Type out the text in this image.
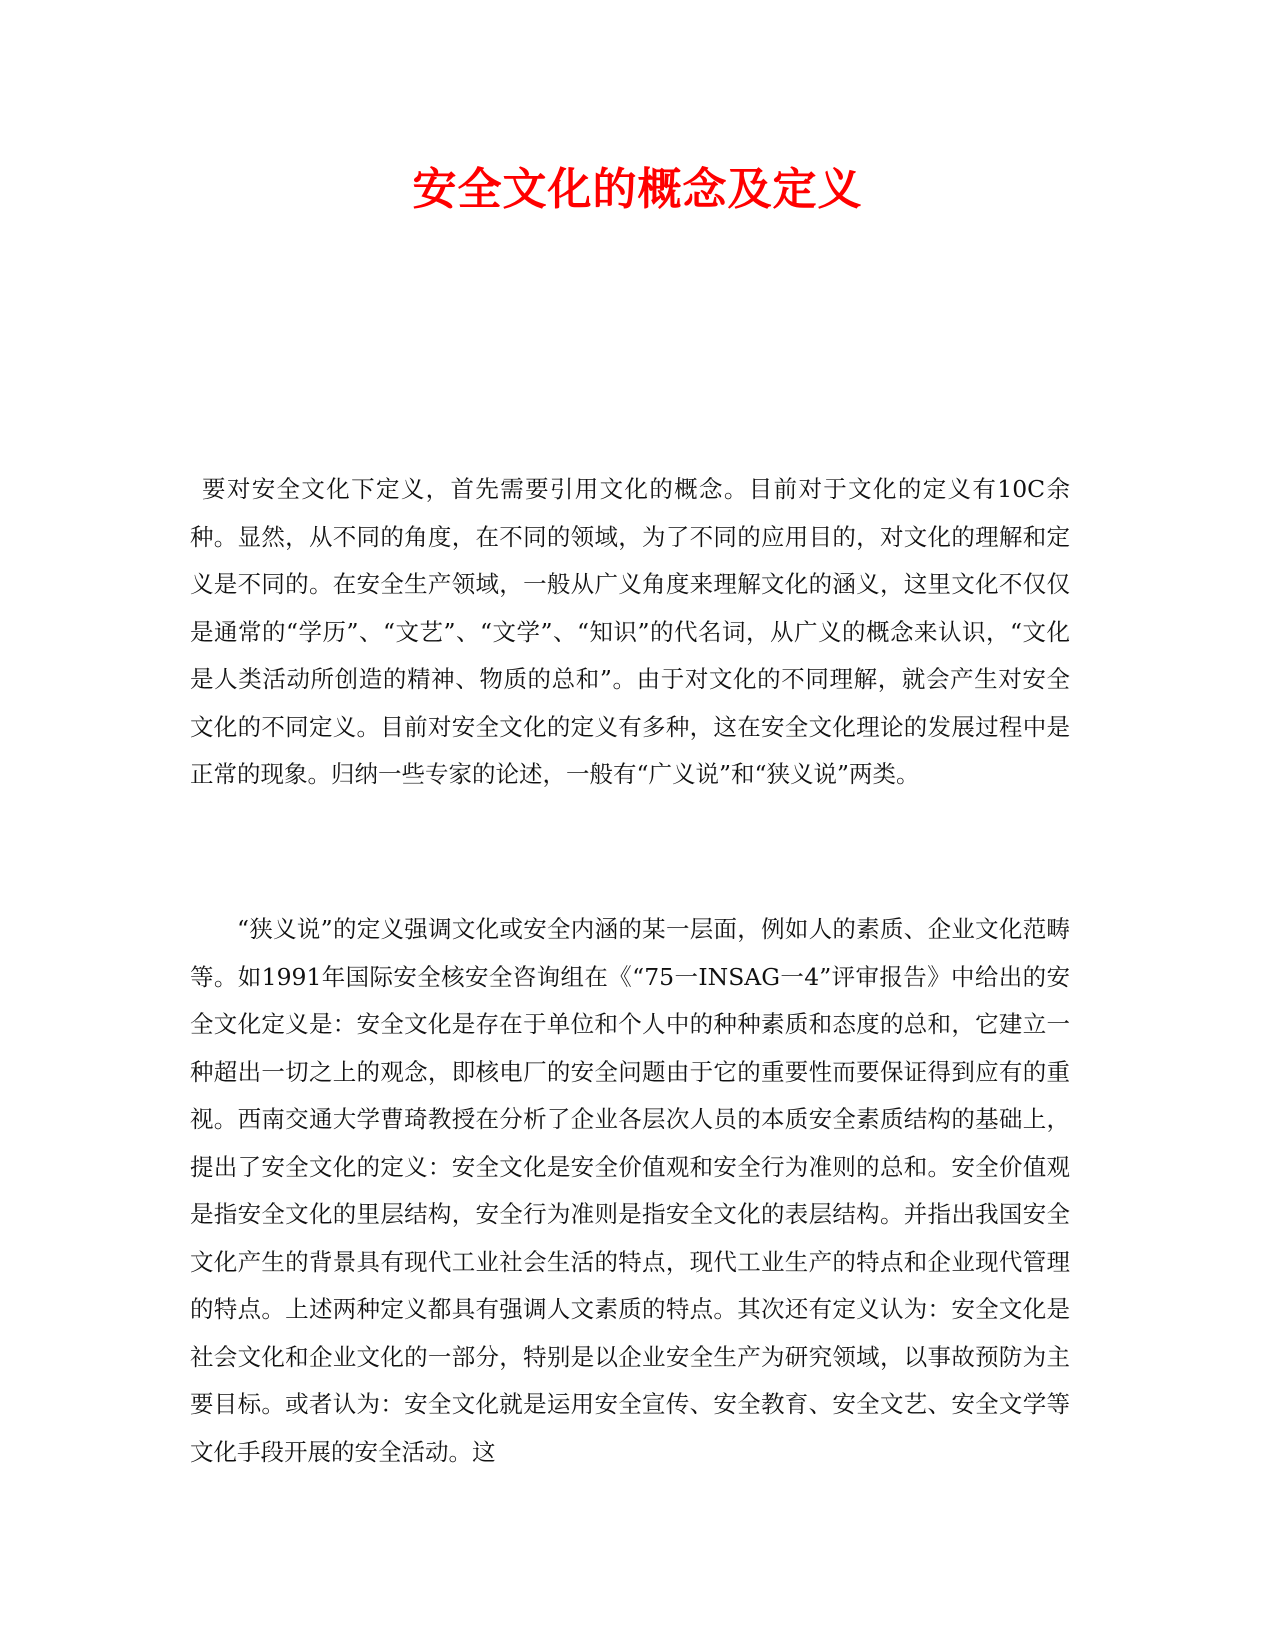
安全文化的概念及定义

要对安全文化下定义，首先需要引用文化的概念。目前对于文化的定义有10C余种。显然，从不同的角度，在不同的领域，为了不同的应用目的，对文化的理解和定义是不同的。在安全生产领域，一般从广义角度来理解文化的涵义，这里文化不仅仅是通常的“学历”、“文艺”、“文学”、“知识”的代名词，从广义的概念来认识，“文化是人类活动所创造的精神、物质的总和”。由于对文化的不同理解，就会产生对安全文化的不同定义。目前对安全文化的定义有多种，这在安全文化理论的发展过程中是正常的现象。归纳一些专家的论述，一般有“广义说”和“狭义说”两类。

“狭义说”的定义强调文化或安全内涵的某一层面，例如人的素质、企业文化范畴等。如1991年国际安全核安全咨询组在《“75一INSAG一4”评审报告》中给出的安全文化定义是：安全文化是存在于单位和个人中的种种素质和态度的总和，它建立一种超出一切之上的观念，即核电厂的安全问题由于它的重要性而要保证得到应有的重视。西南交通大学曹琦教授在分析了企业各层次人员的本质安全素质结构的基础上，提出了安全文化的定义：安全文化是安全价值观和安全行为准则的总和。安全价值观是指安全文化的里层结构，安全行为准则是指安全文化的表层结构。并指出我国安全文化产生的背景具有现代工业社会生活的特点，现代工业生产的特点和企业现代管理的特点。上述两种定义都具有强调人文素质的特点。其次还有定义认为：安全文化是社会文化和企业文化的一部分，特别是以企业安全生产为研究领域，以事故预防为主要目标。或者认为：安全文化就是运用安全宣传、安全教育、安全文艺、安全文学等文化手段开展的安全活动。这
